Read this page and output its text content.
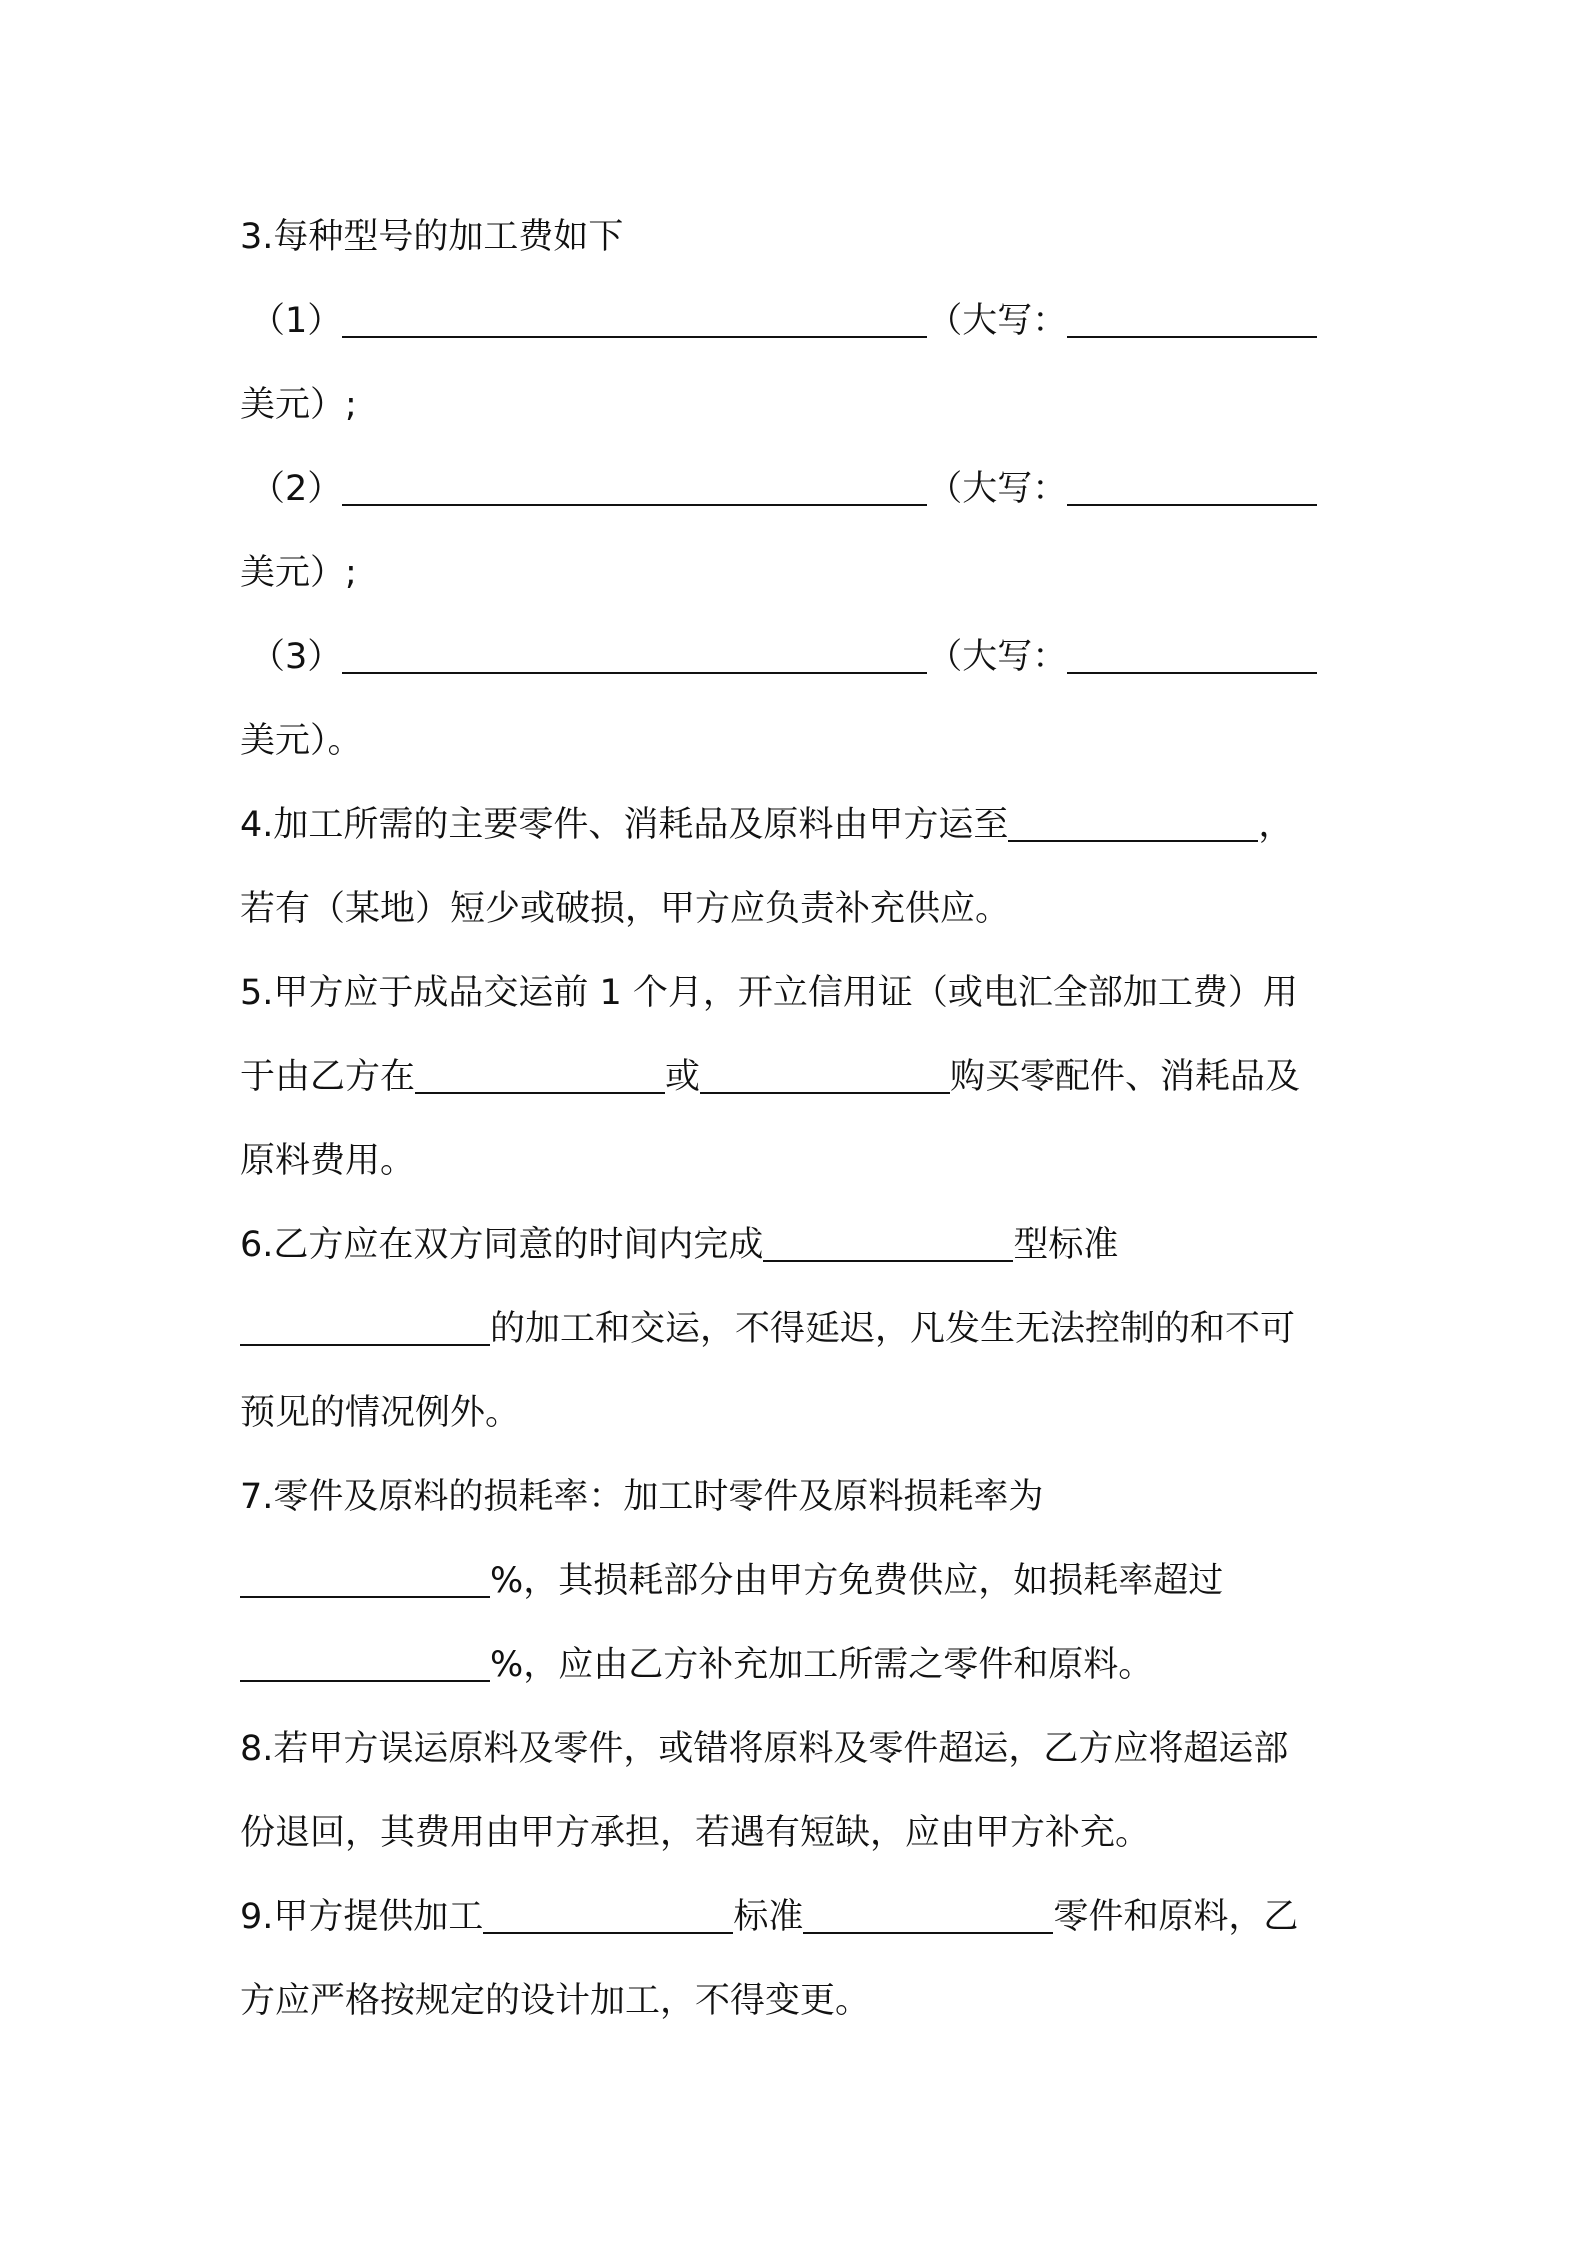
3.每种型号的加工费如下
（1）	（大写：
美元）;
（2）	（大写：
美元）;
（3）	（大写：
美元）。
4.加工所需的主要零件、消耗品及原料由甲方运至	，
若有（某地）短少或破损，甲方应负责补充供应。
5.甲方应于成品交运前 1 个月，开立信用证（或电汇全部加工费）用
于由乙方在	或	购买零配件、消耗品及
原料费用。
6.乙方应在双方同意的时间内完成	型标准
的加工和交运，不得延迟，凡发生无法控制的和不可
预见的情况例外。
7.零件及原料的损耗率：加工时零件及原料损耗率为
%，其损耗部分由甲方免费供应，如损耗率超过
%，应由乙方补充加工所需之零件和原料。
8.若甲方误运原料及零件，或错将原料及零件超运，乙方应将超运部
份退回，其费用由甲方承担，若遇有短缺，应由甲方补充。
9.甲方提供加工	标准	零件和原料，乙
方应严格按规定的设计加工，不得变更。
